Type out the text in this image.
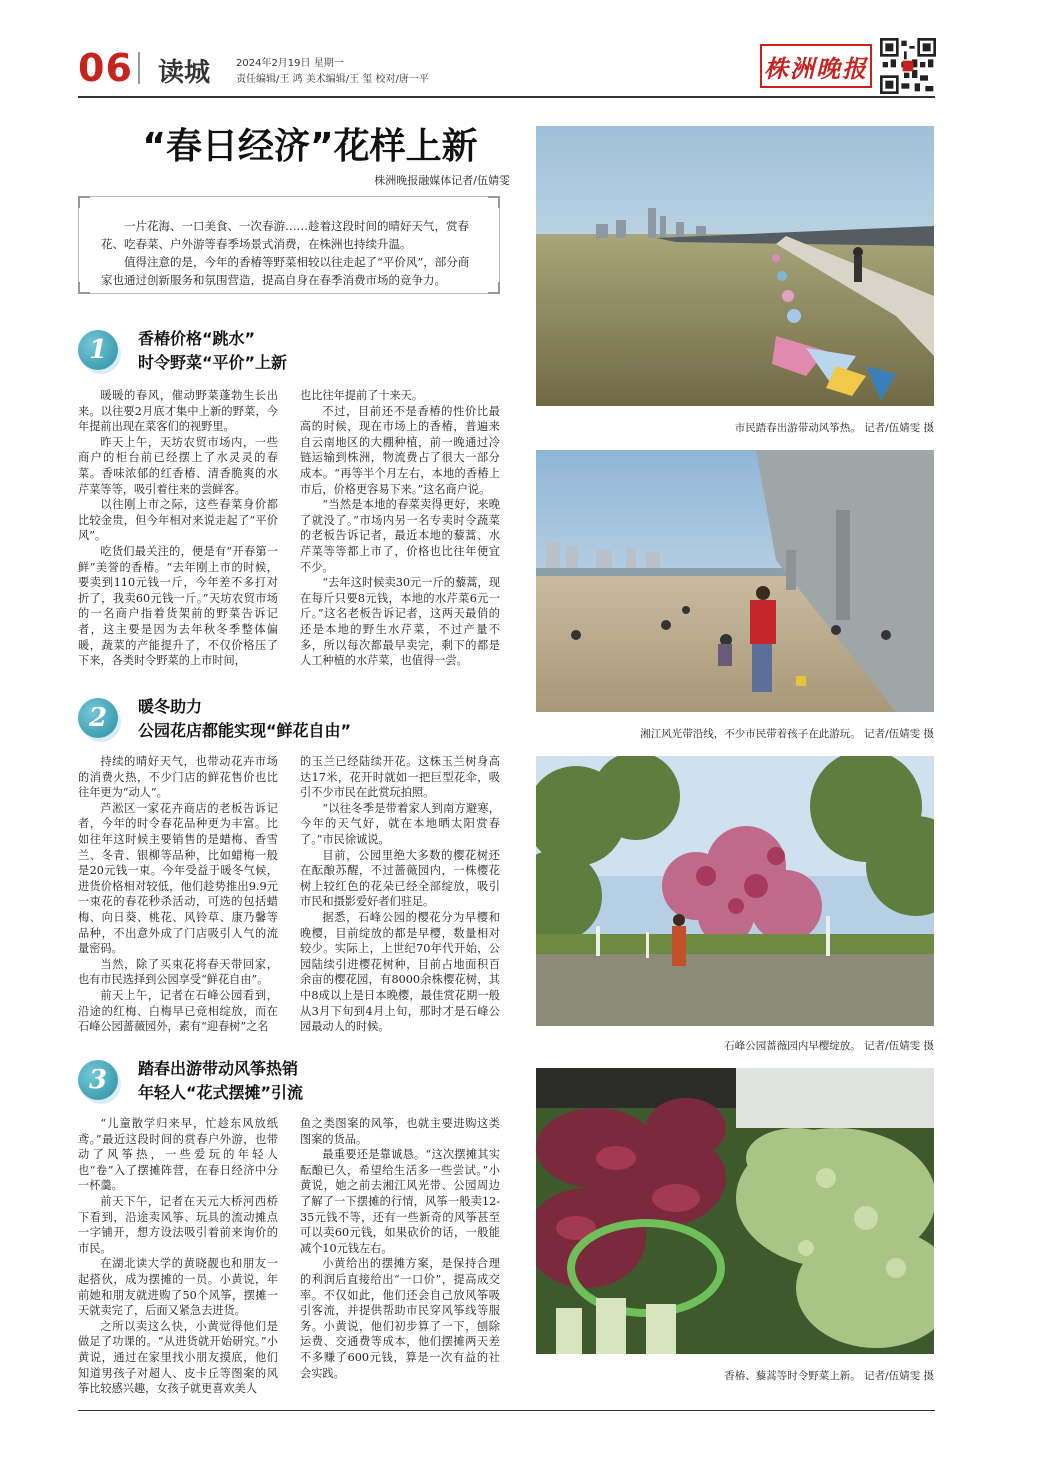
06 读城	2024年2月19日 星期一
责任编辑/王 鸿 美术编辑/王 玺 校对/唐一平	株洲晚报
“春日经济”花样上新
株洲晚报融媒体记者/伍婧雯
一片花海、一口美食、一次春游……趁着这段时间的晴好天气，赏春花、吃春菜、户外游等春季场景式消费，在株洲也持续升温。
值得注意的是，今年的香椿等野菜相较以往走起了“平价风”，部分商家也通过创新服务和氛围营造，提高自身在春季消费市场的竞争力。
1	香椿价格“跳水”
时令野菜“平价”上新

暖暖的春风，催动野菜蓬勃生长出来。以往要2月底才集中上新的野菜，今年提前出现在菜客们的视野里。

昨天上午，天坊农贸市场内，一些商户的柜台前已经摆上了水灵灵的春菜。香味浓郁的红香椿、清香脆爽的水芹菜等等，吸引着往来的尝鲜客。

以往刚上市之际，这些春菜身价都比较金贵，但今年相对来说走起了“平价风”。

吃货们最关注的，便是有“开春第一鲜”美誉的香椿。“去年刚上市的时候，要卖到110元钱一斤，今年差不多打对折了，我卖60元钱一斤。”天坊农贸市场的一名商户指着货架前的野菜告诉记者，这主要是因为去年秋冬季整体偏暖，蔬菜的产能提升了，不仅价格压了下来，各类时令野菜的上市时间，

也比往年提前了十来天。

不过，目前还不是香椿的性价比最高的时候，现在市场上的香椿，普遍来自云南地区的大棚种植，前一晚通过冷链运输到株洲，物流费占了很大一部分成本。“再等半个月左右，本地的香椿上市后，价格更容易下来。”这名商户说。

“当然是本地的春菜卖得更好，来晚了就没了。”市场内另一名专卖时令蔬菜的老板告诉记者，最近本地的藜蒿、水芹菜等等都上市了，价格也比往年便宜不少。

“去年这时候卖30元一斤的藜蒿，现在每斤只要8元钱，本地的水芹菜6元一斤。”这名老板告诉记者，这两天最俏的还是本地的野生水芹菜，不过产量不多，所以每次都最早卖完，剩下的都是人工种植的水芹菜，也值得一尝。

2	暖冬助力
公园花店都能实现“鲜花自由”

持续的晴好天气，也带动花卉市场的消费火热，不少门店的鲜花售价也比往年更为“动人”。

芦淞区一家花卉商店的老板告诉记者，今年的时令春花品种更为丰富。比如往年这时候主要销售的是蜡梅、香雪兰、冬青、银柳等品种，比如蜡梅一般是20元钱一束。今年受益于暖冬气候，进货价格相对较低，他们趁势推出9.9元一束花的春花秒杀活动，可选的包括蜡梅、向日葵、桃花、风铃草、康乃馨等品种，不出意外成了门店吸引人气的流量密码。

当然，除了买束花将春天带回家，也有市民选择到公园享受“鲜花自由”。

前天上午，记者在石峰公园看到，沿途的红梅、白梅早已竞相绽放，而在石峰公园蔷薇园外，素有“迎春树”之名

的玉兰已经陆续开花。这株玉兰树身高达17米，花开时就如一把巨型花伞，吸引不少市民在此赏玩拍照。

“以往冬季是带着家人到南方避寒，今年的天气好，就在本地晒太阳赏春了。”市民徐诚说。

目前，公园里绝大多数的樱花树还在酝酿苏醒，不过蔷薇园内，一株樱花树上较红色的花朵已经全部绽放，吸引市民和摄影爱好者们驻足。

据悉，石峰公园的樱花分为早樱和晚樱，目前绽放的都是早樱，数量相对较少。实际上，上世纪70年代开始，公园陆续引进樱花树种，目前占地面积百余亩的樱花园，有8000余株樱花树，其中8成以上是日本晚樱，最佳赏花期一般从3月下旬到4月上旬，那时才是石峰公园最动人的时候。

3	踏春出游带动风筝热销
年轻人“花式摆摊”引流

“儿童散学归来早，忙趁东风放纸鸢。”最近这段时间的赏春户外游，也带动了风筝热，一些爱玩的年轻人也“卷”入了摆摊阵营，在春日经济中分一杯羹。

前天下午，记者在天元大桥河西桥下看到，沿途卖风筝、玩具的流动摊点一字铺开，想方设法吸引着前来询价的市民。

在湖北读大学的黄晓靓也和朋友一起搭伙，成为摆摊的一员。小黄说，年前她和朋友就进购了50个风筝，摆摊一天就卖完了，后面又紧急去进货。

之所以卖这么快，小黄觉得他们是做足了功课的。“从进货就开始研究。”小黄说，通过在家里找小朋友摸底，他们知道男孩子对超人、皮卡丘等图案的风筝比较感兴趣，女孩子就更喜欢美人

鱼之类图案的风筝，也就主要进购这类图案的货品。

最重要还是靠诚恳。“这次摆摊其实酝酿已久，希望给生活多一些尝试。”小黄说，她之前去湘江风光带、公园周边了解了一下摆摊的行情，风筝一般卖12-35元钱不等，还有一些新奇的风筝甚至可以卖60元钱，如果砍价的话，一般能减个10元钱左右。

小黄给出的摆摊方案，是保持合理的利润后直接给出“一口价”，提高成交率。不仅如此，他们还会自己放风筝吸引客流，并提供帮助市民穿风筝线等服务。小黄说，他们初步算了一下，刨除运费、交通费等成本，他们摆摊两天差不多赚了600元钱，算是一次有益的社会实践。

市民踏春出游带动风筝热。 记者/伍婧雯 摄
湘江风光带沿线，不少市民带着孩子在此游玩。 记者/伍婧雯 摄
石峰公园蔷薇园内早樱绽放。 记者/伍婧雯 摄
香椿、藜蒿等时令野菜上新。 记者/伍婧雯 摄
